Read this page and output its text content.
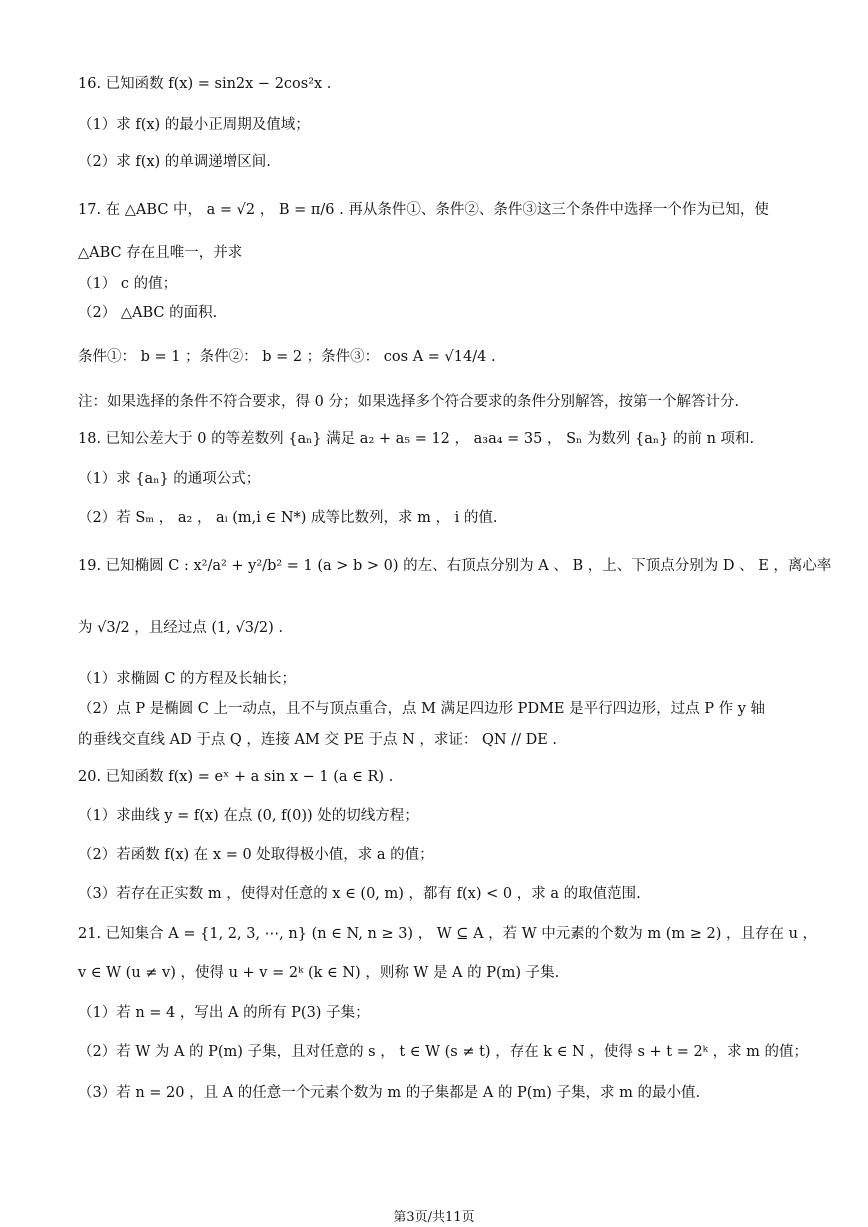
16. 已知函数 f(x) = sin2x − 2cos²x .
（1）求 f(x) 的最小正周期及值域；
（2）求 f(x) 的单调递增区间.
17. 在 △ABC 中， a = √2 ， B = π/6 . 再从条件①、条件②、条件③这三个条件中选择一个作为已知，使
△ABC 存在且唯一，并求
（1） c 的值；
（2） △ABC 的面积.
条件①： b = 1 ；条件②： b = 2 ；条件③： cos A = √14/4 .
注：如果选择的条件不符合要求，得 0 分；如果选择多个符合要求的条件分别解答，按第一个解答计分.
18. 已知公差大于 0 的等差数列 {aₙ} 满足 a₂ + a₅ = 12 ， a₃a₄ = 35 ， Sₙ 为数列 {aₙ} 的前 n 项和.
（1）求 {aₙ} 的通项公式；
（2）若 Sₘ ， a₂ ， aᵢ (m,i ∈ N*) 成等比数列，求 m ， i 的值.
19. 已知椭圆 C : x²/a² + y²/b² = 1 (a > b > 0) 的左、右顶点分别为 A 、 B ，上、下顶点分别为 D 、 E ，离心率
为 √3/2 ，且经过点 (1, √3/2) .
（1）求椭圆 C 的方程及长轴长；
（2）点 P 是椭圆 C 上一动点，且不与顶点重合，点 M 满足四边形 PDME 是平行四边形，过点 P 作 y 轴
的垂线交直线 AD 于点 Q ，连接 AM 交 PE 于点 N ，求证： QN // DE .
20. 已知函数 f(x) = eˣ + a sin x − 1 (a ∈ R) .
（1）求曲线 y = f(x) 在点 (0, f(0)) 处的切线方程；
（2）若函数 f(x) 在 x = 0 处取得极小值，求 a 的值；
（3）若存在正实数 m ，使得对任意的 x ∈ (0, m) ，都有 f(x) < 0 ，求 a 的取值范围.
21. 已知集合 A = {1, 2, 3, ⋯, n} (n ∈ N, n ≥ 3) ， W ⊆ A ，若 W 中元素的个数为 m (m ≥ 2) ，且存在 u ，
v ∈ W (u ≠ v) ，使得 u + v = 2ᵏ (k ∈ N) ，则称 W 是 A 的 P(m) 子集.
（1）若 n = 4 ，写出 A 的所有 P(3) 子集；
（2）若 W 为 A 的 P(m) 子集，且对任意的 s ， t ∈ W (s ≠ t) ，存在 k ∈ N ，使得 s + t = 2ᵏ ，求 m 的值；
（3）若 n = 20 ，且 A 的任意一个元素个数为 m 的子集都是 A 的 P(m) 子集，求 m 的最小值.
第3页/共11页
